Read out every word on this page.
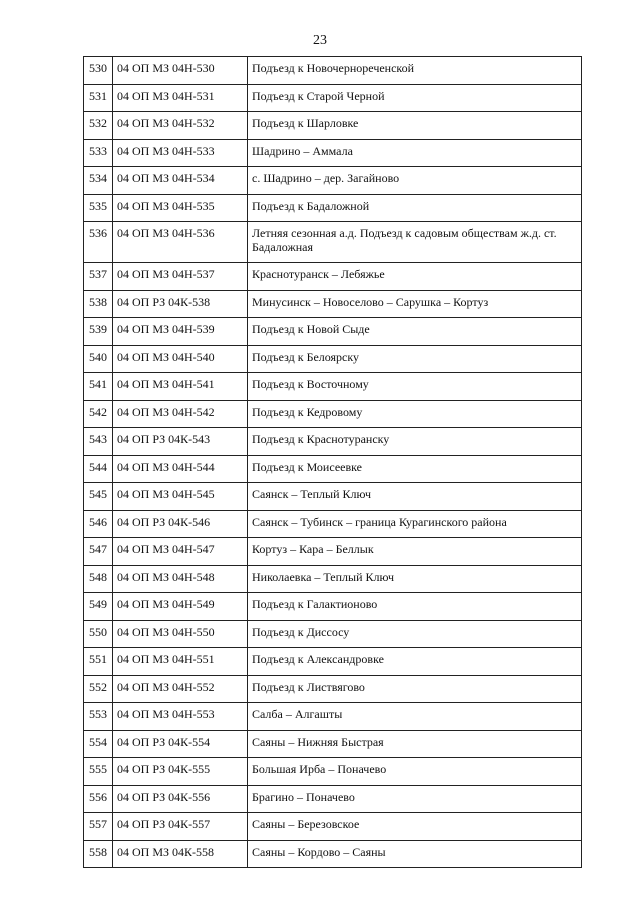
23
530	04 ОП МЗ 04Н-530	Подъезд к Новочернореченской
531	04 ОП МЗ 04Н-531	Подъезд к Старой Черной
532	04 ОП МЗ 04Н-532	Подъезд к Шарловке
533	04 ОП МЗ 04Н-533	Шадрино – Аммала
534	04 ОП МЗ 04Н-534	с. Шадрино – дер. Загайново
535	04 ОП МЗ 04Н-535	Подъезд к Бадаложной
536	04 ОП МЗ 04Н-536	Летняя сезонная а.д. Подъезд к садовым обществам ж.д. ст. Бадаложная
537	04 ОП МЗ 04Н-537	Краснотуранск – Лебяжье
538	04 ОП РЗ 04К-538	Минусинск – Новоселово – Сарушка – Кортуз
539	04 ОП МЗ 04Н-539	Подъезд к Новой Сыде
540	04 ОП МЗ 04Н-540	Подъезд к Белоярску
541	04 ОП МЗ 04Н-541	Подъезд к Восточному
542	04 ОП МЗ 04Н-542	Подъезд к Кедровому
543	04 ОП РЗ 04К-543	Подъезд к Краснотуранску
544	04 ОП МЗ 04Н-544	Подъезд к Моисеевке
545	04 ОП МЗ 04Н-545	Саянск – Теплый Ключ
546	04 ОП РЗ 04К-546	Саянск – Тубинск – граница Курагинского района
547	04 ОП МЗ 04Н-547	Кортуз – Кара – Беллык
548	04 ОП МЗ 04Н-548	Николаевка – Теплый Ключ
549	04 ОП МЗ 04Н-549	Подъезд к Галактионово
550	04 ОП МЗ 04Н-550	Подъезд к Диссосу
551	04 ОП МЗ 04Н-551	Подъезд к Александровке
552	04 ОП МЗ 04Н-552	Подъезд к Листвягово
553	04 ОП МЗ 04Н-553	Салба – Алгашты
554	04 ОП РЗ 04К-554	Саяны – Нижняя Быстрая
555	04 ОП РЗ 04К-555	Большая Ирба – Поначево
556	04 ОП РЗ 04К-556	Брагино – Поначево
557	04 ОП РЗ 04К-557	Саяны – Березовское
558	04 ОП МЗ 04К-558	Саяны – Кордово – Саяны
